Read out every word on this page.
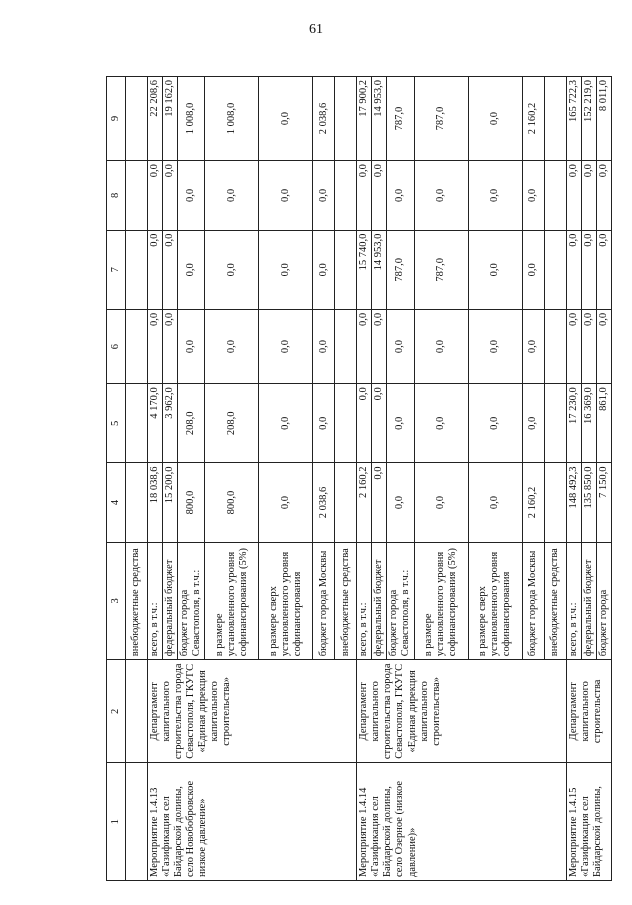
61
1	2	3	4	5	6	7	8	9
		внебюджетные средства						
Мероприятие 1.4.13 «Газификация сел Байдарской долины, село Новобобровское низкое давление»	Департамент капитального строительства города Севастополя, ГКУГС «Единая дирекция капитального строительства»	всего, в т.ч.:	18 038,6	4 170,0	0,0	0,0	0,0	22 208,6
		федеральный бюджет	15 200,0	3 962,0	0,0	0,0	0,0	19 162,0
		бюджет города Севастополя, в т.ч.:	800,0	208,0	0,0	0,0	0,0	1 008,0
		в размере установленного уровня софинансирования (5%)	800,0	208,0	0,0	0,0	0,0	1 008,0
		в размере сверх установленного уровня софинансирования	0,0	0,0	0,0	0,0	0,0	0,0
		бюджет города Москвы	2 038,6	0,0	0,0	0,0	0,0	2 038,6
		внебюджетные средства						
Мероприятие 1.4.14 «Газификация сел Байдарской долины, село Озерное (низкое давление)»	Департамент капитального строительства города Севастополя, ГКУГС «Единая дирекция капитального строительства»	всего, в т.ч.:	2 160,2	0,0	0,0	15 740,0	0,0	17 900,2
		федеральный бюджет	0,0	0,0	0,0	14 953,0	0,0	14 953,0
		бюджет города Севастополя, в т.ч.:	0,0	0,0	0,0	787,0	0,0	787,0
		в размере установленного уровня софинансирования (5%)	0,0	0,0	0,0	787,0	0,0	787,0
		в размере сверх установленного уровня софинансирования	0,0	0,0	0,0	0,0	0,0	0,0
		бюджет города Москвы	2 160,2	0,0	0,0	0,0	0,0	2 160,2
		внебюджетные средства						
Мероприятие 1.4.15 «Газификация сел Байдарской долины,	Департамент капитального строительства	всего, в т.ч.:	148 492,3	17 230,0	0,0	0,0	0,0	165 722,3
		федеральный бюджет	135 850,0	16 369,0	0,0	0,0	0,0	152 219,0
		бюджет города	7 150,0	861,0	0,0	0,0	0,0	8 011,0
